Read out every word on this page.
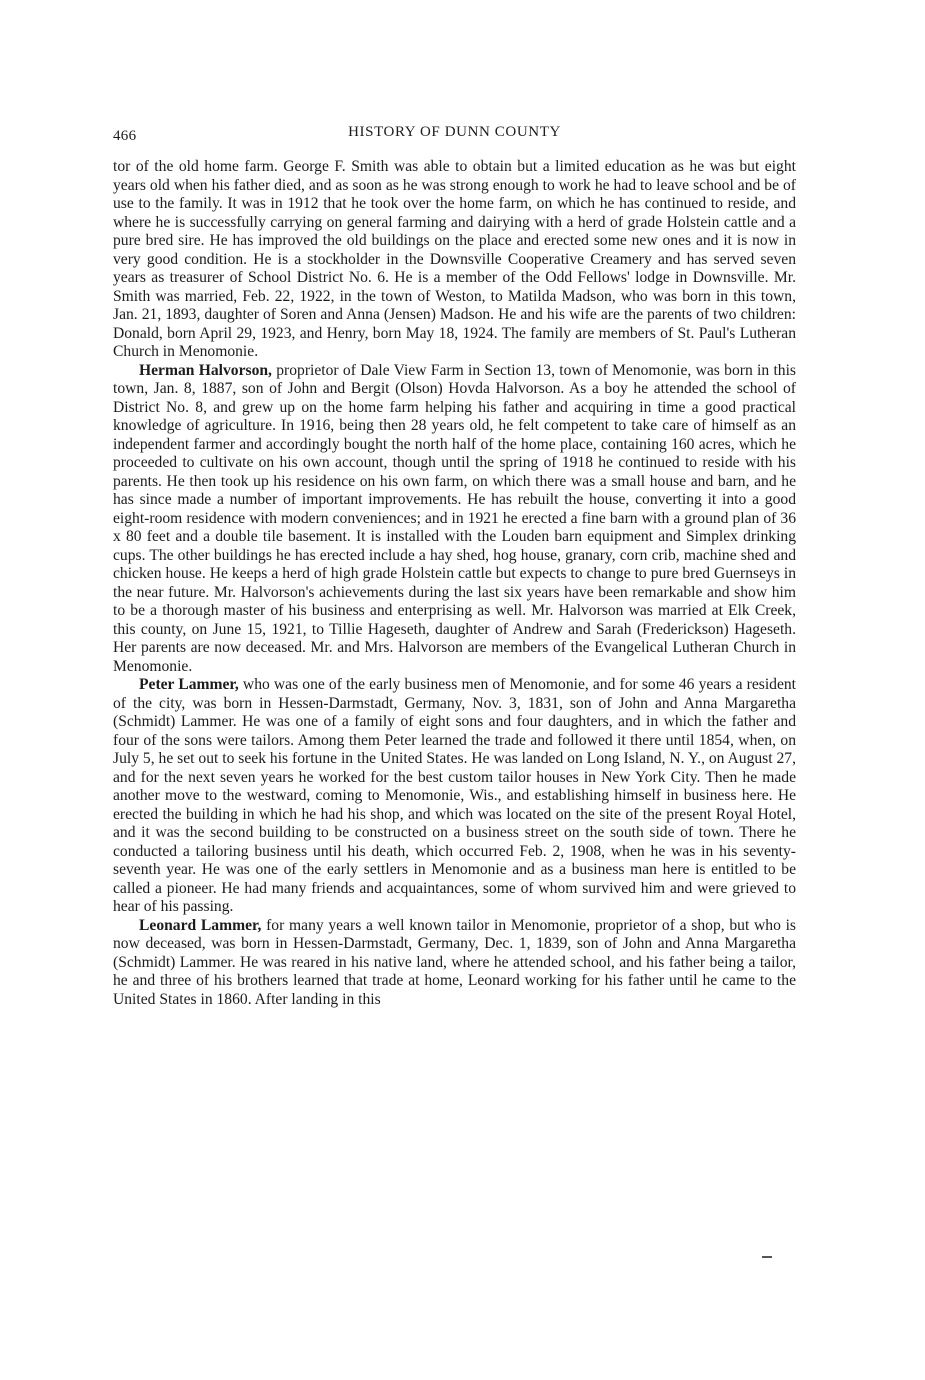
466	HISTORY OF DUNN COUNTY

tor of the old home farm. George F. Smith was able to obtain but a limited education as he was but eight years old when his father died, and as soon as he was strong enough to work he had to leave school and be of use to the family. It was in 1912 that he took over the home farm, on which he has continued to reside, and where he is successfully carrying on general farming and dairying with a herd of grade Holstein cattle and a pure bred sire. He has improved the old buildings on the place and erected some new ones and it is now in very good condition. He is a stockholder in the Downsville Cooperative Creamery and has served seven years as treasurer of School District No. 6. He is a member of the Odd Fellows' lodge in Downsville. Mr. Smith was married, Feb. 22, 1922, in the town of Weston, to Matilda Madson, who was born in this town, Jan. 21, 1893, daughter of Soren and Anna (Jensen) Madson. He and his wife are the parents of two children: Donald, born April 29, 1923, and Henry, born May 18, 1924. The family are members of St. Paul's Lutheran Church in Menomonie.

Herman Halvorson, proprietor of Dale View Farm in Section 13, town of Menomonie, was born in this town, Jan. 8, 1887, son of John and Bergit (Olson) Hovda Halvorson. As a boy he attended the school of District No. 8, and grew up on the home farm helping his father and acquiring in time a good practical knowledge of agriculture. In 1916, being then 28 years old, he felt competent to take care of himself as an independent farmer and accordingly bought the north half of the home place, containing 160 acres, which he proceeded to cultivate on his own account, though until the spring of 1918 he continued to reside with his parents. He then took up his residence on his own farm, on which there was a small house and barn, and he has since made a number of important improvements. He has rebuilt the house, converting it into a good eight-room residence with modern conveniences; and in 1921 he erected a fine barn with a ground plan of 36 x 80 feet and a double tile basement. It is installed with the Louden barn equipment and Simplex drinking cups. The other buildings he has erected include a hay shed, hog house, granary, corn crib, machine shed and chicken house. He keeps a herd of high grade Holstein cattle but expects to change to pure bred Guernseys in the near future. Mr. Halvorson's achievements during the last six years have been remarkable and show him to be a thorough master of his business and enterprising as well. Mr. Halvorson was married at Elk Creek, this county, on June 15, 1921, to Tillie Hageseth, daughter of Andrew and Sarah (Frederickson) Hageseth. Her parents are now deceased. Mr. and Mrs. Halvorson are members of the Evangelical Lutheran Church in Menomonie.

Peter Lammer, who was one of the early business men of Menomonie, and for some 46 years a resident of the city, was born in Hessen-Darmstadt, Germany, Nov. 3, 1831, son of John and Anna Margaretha (Schmidt) Lammer. He was one of a family of eight sons and four daughters, and in which the father and four of the sons were tailors. Among them Peter learned the trade and followed it there until 1854, when, on July 5, he set out to seek his fortune in the United States. He was landed on Long Island, N. Y., on August 27, and for the next seven years he worked for the best custom tailor houses in New York City. Then he made another move to the westward, coming to Menomonie, Wis., and establishing himself in business here. He erected the building in which he had his shop, and which was located on the site of the present Royal Hotel, and it was the second building to be constructed on a business street on the south side of town. There he conducted a tailoring business until his death, which occurred Feb. 2, 1908, when he was in his seventy-seventh year. He was one of the early settlers in Menomonie and as a business man here is entitled to be called a pioneer. He had many friends and acquaintances, some of whom survived him and were grieved to hear of his passing.

Leonard Lammer, for many years a well known tailor in Menomonie, proprietor of a shop, but who is now deceased, was born in Hessen-Darmstadt, Germany, Dec. 1, 1839, son of John and Anna Margaretha (Schmidt) Lammer. He was reared in his native land, where he attended school, and his father being a tailor, he and three of his brothers learned that trade at home, Leonard working for his father until he came to the United States in 1860. After landing in this
